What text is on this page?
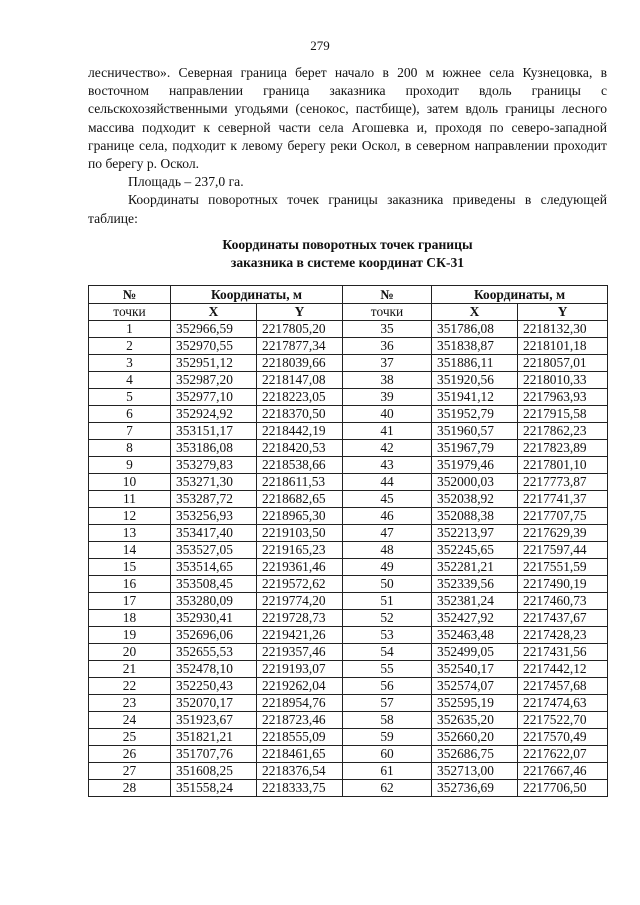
279

лесничество». Северная граница берет начало в 200 м южнее села Кузнецовка, в восточном направлении граница заказника проходит вдоль границы с сельскохозяйственными угодьями (сенокос, пастбище), затем вдоль границы лесного массива подходит к северной части села Агошевка и, проходя по северо-западной границе села, подходит к левому берегу реки Оскол, в северном направлении проходит по берегу р. Оскол.

Площадь – 237,0 га.

Координаты поворотных точек границы заказника приведены в следующей таблице:

Координаты поворотных точек границы
заказника в системе координат СК-31
№	Координаты, м		№	Координаты, м	
точки	X	Y	точки	X	Y
1	352966,59	2217805,20	35	351786,08	2218132,30
2	352970,55	2217877,34	36	351838,87	2218101,18
3	352951,12	2218039,66	37	351886,11	2218057,01
4	352987,20	2218147,08	38	351920,56	2218010,33
5	352977,10	2218223,05	39	351941,12	2217963,93
6	352924,92	2218370,50	40	351952,79	2217915,58
7	353151,17	2218442,19	41	351960,57	2217862,23
8	353186,08	2218420,53	42	351967,79	2217823,89
9	353279,83	2218538,66	43	351979,46	2217801,10
10	353271,30	2218611,53	44	352000,03	2217773,87
11	353287,72	2218682,65	45	352038,92	2217741,37
12	353256,93	2218965,30	46	352088,38	2217707,75
13	353417,40	2219103,50	47	352213,97	2217629,39
14	353527,05	2219165,23	48	352245,65	2217597,44
15	353514,65	2219361,46	49	352281,21	2217551,59
16	353508,45	2219572,62	50	352339,56	2217490,19
17	353280,09	2219774,20	51	352381,24	2217460,73
18	352930,41	2219728,73	52	352427,92	2217437,67
19	352696,06	2219421,26	53	352463,48	2217428,23
20	352655,53	2219357,46	54	352499,05	2217431,56
21	352478,10	2219193,07	55	352540,17	2217442,12
22	352250,43	2219262,04	56	352574,07	2217457,68
23	352070,17	2218954,76	57	352595,19	2217474,63
24	351923,67	2218723,46	58	352635,20	2217522,70
25	351821,21	2218555,09	59	352660,20	2217570,49
26	351707,76	2218461,65	60	352686,75	2217622,07
27	351608,25	2218376,54	61	352713,00	2217667,46
28	351558,24	2218333,75	62	352736,69	2217706,50
